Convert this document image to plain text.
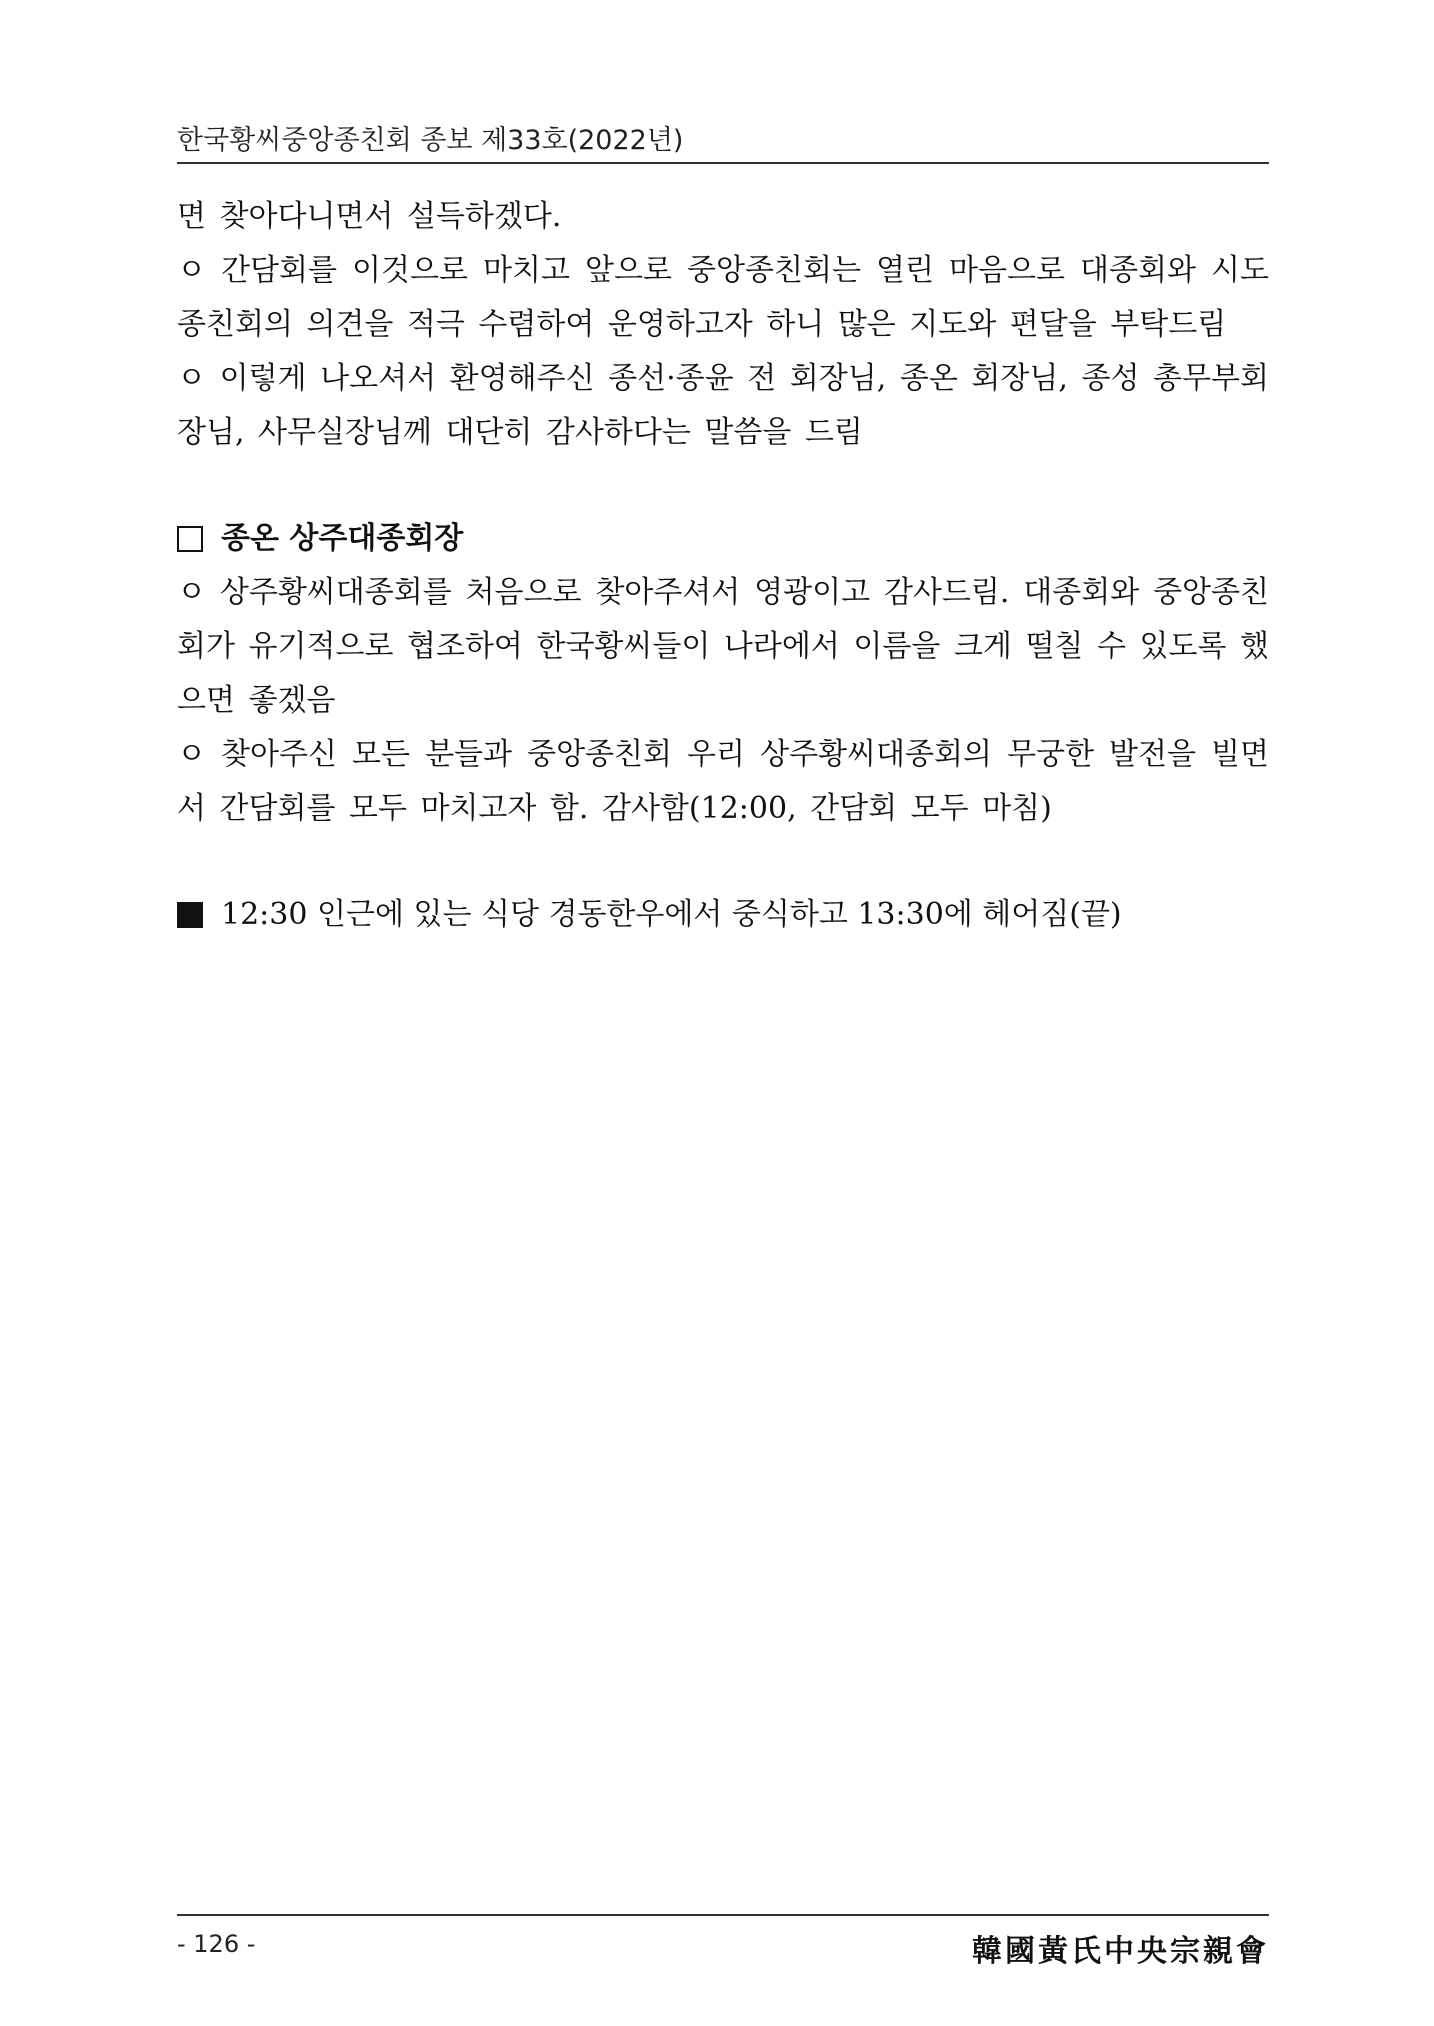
한국황씨중앙종친회 종보 제33호(2022년)

면 찾아다니면서 설득하겠다.

ㅇ 간담회를 이것으로 마치고 앞으로 중앙종친회는 열린 마음으로 대종회와 시도종친회의 의견을 적극 수렴하여 운영하고자 하니 많은 지도와 편달을 부탁드림

ㅇ 이렇게 나오셔서 환영해주신 종선·종윤 전 회장님, 종온 회장님, 종성 총무부회장님, 사무실장님께 대단히 감사하다는 말씀을 드림

종온 상주대종회장

ㅇ 상주황씨대종회를 처음으로 찾아주셔서 영광이고 감사드림. 대종회와 중앙종친회가 유기적으로 협조하여 한국황씨들이 나라에서 이름을 크게 떨칠 수 있도록 했으면 좋겠음

ㅇ 찾아주신 모든 분들과 중앙종친회 우리 상주황씨대종회의 무궁한 발전을 빌면서 간담회를 모두 마치고자 함. 감사함(12:00, 간담회 모두 마침)

12:30 인근에 있는 식당 경동한우에서 중식하고 13:30에 헤어짐(끝)

- 126 -	韓國黃氏中央宗親會
